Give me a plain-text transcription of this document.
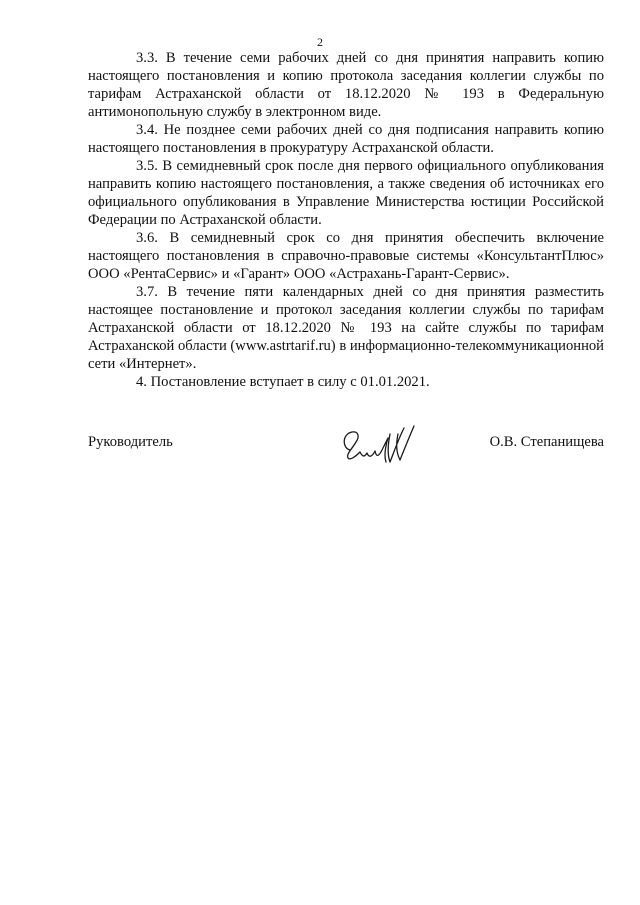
2

3.3. В течение семи рабочих дней со дня принятия направить копию настоящего постановления и копию протокола заседания коллегии службы по тарифам Астраханской области от 18.12.2020 № 193 в Федеральную антимонопольную службу в электронном виде.

3.4. Не позднее семи рабочих дней со дня подписания направить копию настоящего постановления в прокуратуру Астраханской области.

3.5. В семидневный срок после дня первого официального опубликования направить копию настоящего постановления, а также сведения об источниках его официального опубликования в Управление Министерства юстиции Российской Федерации по Астраханской области.

3.6. В семидневный срок со дня принятия обеспечить включение настоящего постановления в справочно-правовые системы «КонсультантПлюс» ООО «РентаСервис» и «Гарант» ООО «Астрахань-Гарант-Сервис».

3.7. В течение пяти календарных дней со дня принятия разместить настоящее постановление и протокол заседания коллегии службы по тарифам Астраханской области от 18.12.2020 № 193 на сайте службы по тарифам Астраханской области (www.astrtarif.ru) в информационно-телекоммуникационной сети «Интернет».

4. Постановление вступает в силу с 01.01.2021.

Руководитель	О.В. Степанищева
